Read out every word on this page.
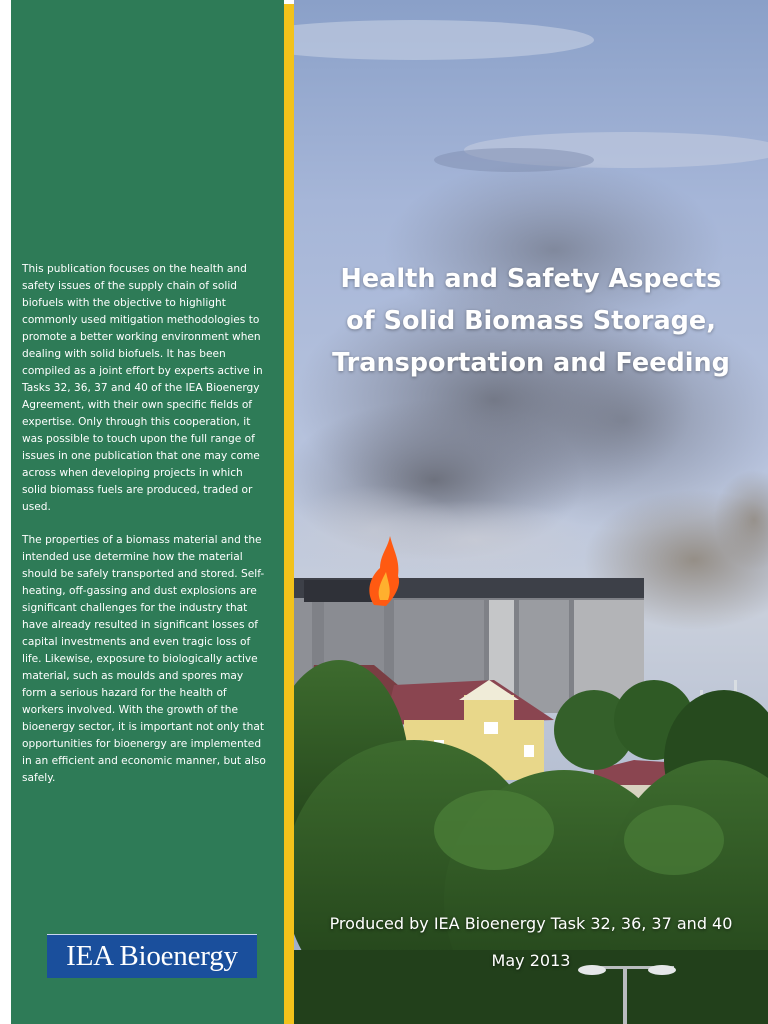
This publication focuses on the health and safety issues of the supply chain of solid biofuels with the objective to highlight commonly used mitigation methodologies to promote a better working environment when dealing with solid biofuels. It has been compiled as a joint effort by experts active in Tasks 32, 36, 37 and 40 of the IEA Bioenergy Agreement, with their own specific fields of expertise. Only through this cooperation, it was possible to touch upon the full range of issues in one publication that one may come across when developing projects in which solid biomass fuels are produced, traded or used.

The properties of a biomass material and the intended use determine how the material should be safely transported and stored. Self-heating, off-gassing and dust explosions are significant challenges for the industry that have already resulted in significant losses of capital investments and even tragic loss of life. Likewise, exposure to biologically active material, such as moulds and spores may form a serious hazard for the health of workers involved. With the growth of the bioenergy sector, it is important not only that opportunities for bioenergy are implemented in an efficient and economic manner, but also safely.

IEA Bioenergy
Health and Safety Aspects
of Solid Biomass Storage,
Transportation and Feeding
Produced by IEA Bioenergy Task 32, 36, 37 and 40
May 2013
